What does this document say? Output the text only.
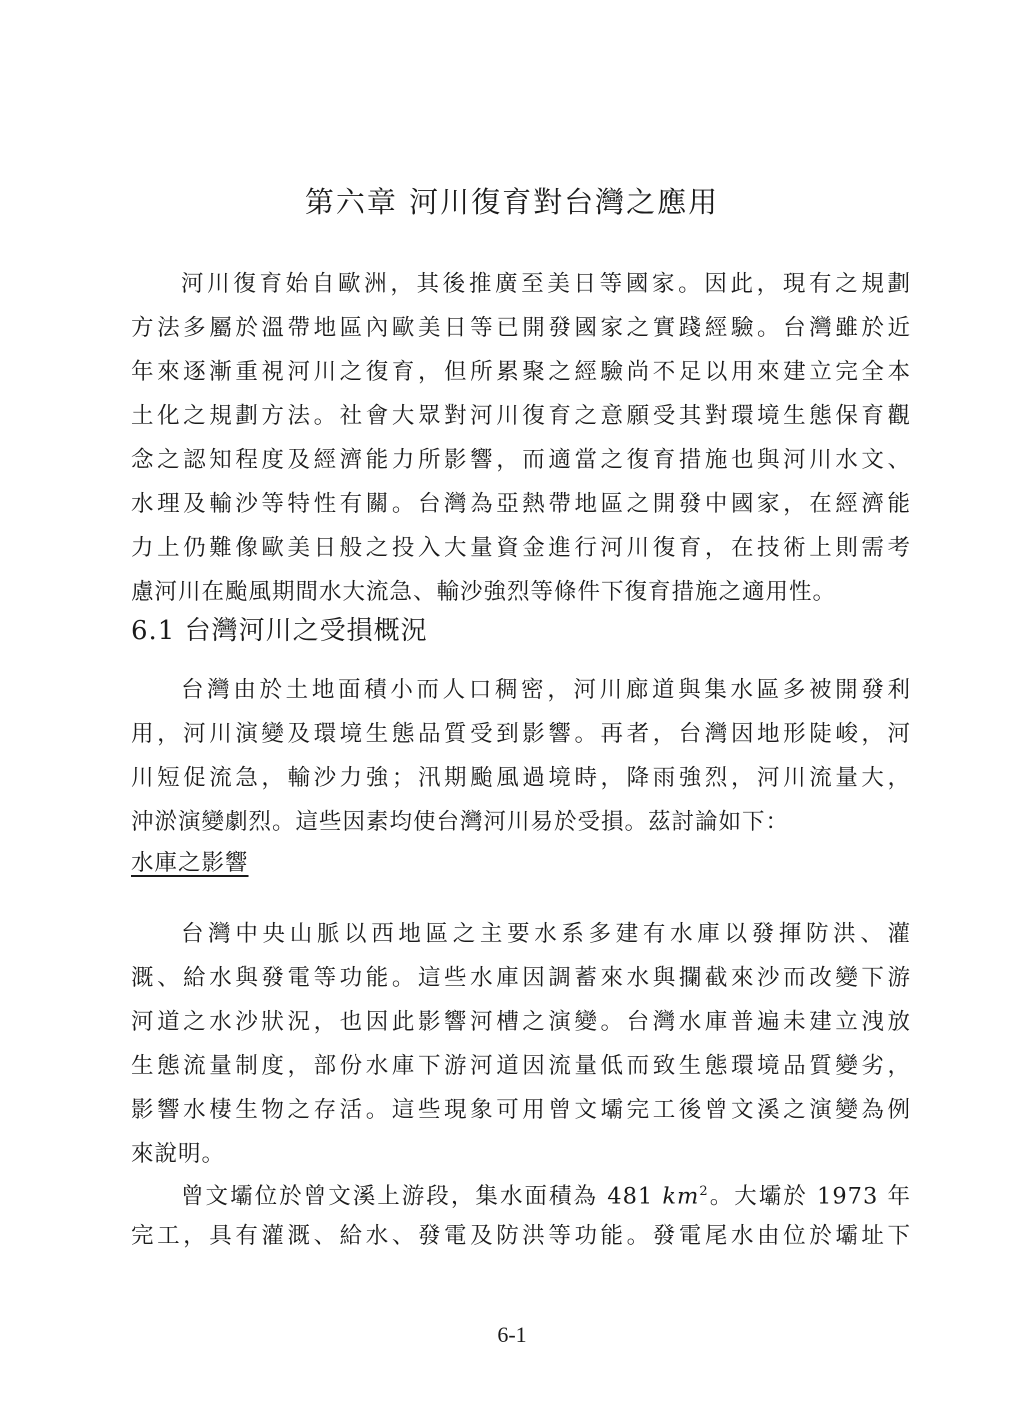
第六章 河川復育對台灣之應用
河川復育始自歐洲，其後推廣至美日等國家。因此，現有之規劃
方法多屬於溫帶地區內歐美日等已開發國家之實踐經驗。台灣雖於近
年來逐漸重視河川之復育，但所累聚之經驗尚不足以用來建立完全本
土化之規劃方法。社會大眾對河川復育之意願受其對環境生態保育觀
念之認知程度及經濟能力所影響，而適當之復育措施也與河川水文、
水理及輸沙等特性有關。台灣為亞熱帶地區之開發中國家，在經濟能
力上仍難像歐美日般之投入大量資金進行河川復育，在技術上則需考
慮河川在颱風期間水大流急、輸沙強烈等條件下復育措施之適用性。
6.1 台灣河川之受損概況
台灣由於土地面積小而人口稠密，河川廊道與集水區多被開發利
用，河川演變及環境生態品質受到影響。再者，台灣因地形陡峻，河
川短促流急，輸沙力強；汛期颱風過境時，降雨強烈，河川流量大，
沖淤演變劇烈。這些因素均使台灣河川易於受損。茲討論如下：
水庫之影響
台灣中央山脈以西地區之主要水系多建有水庫以發揮防洪、灌
溉、給水與發電等功能。這些水庫因調蓄來水與攔截來沙而改變下游
河道之水沙狀況，也因此影響河槽之演變。台灣水庫普遍未建立洩放
生態流量制度，部份水庫下游河道因流量低而致生態環境品質變劣，
影響水棲生物之存活。這些現象可用曾文壩完工後曾文溪之演變為例
來說明。
曾文壩位於曾文溪上游段，集水面積為 481 $km^2$。大壩於 1973 年
完工，具有灌溉、給水、發電及防洪等功能。發電尾水由位於壩址下
6-1
